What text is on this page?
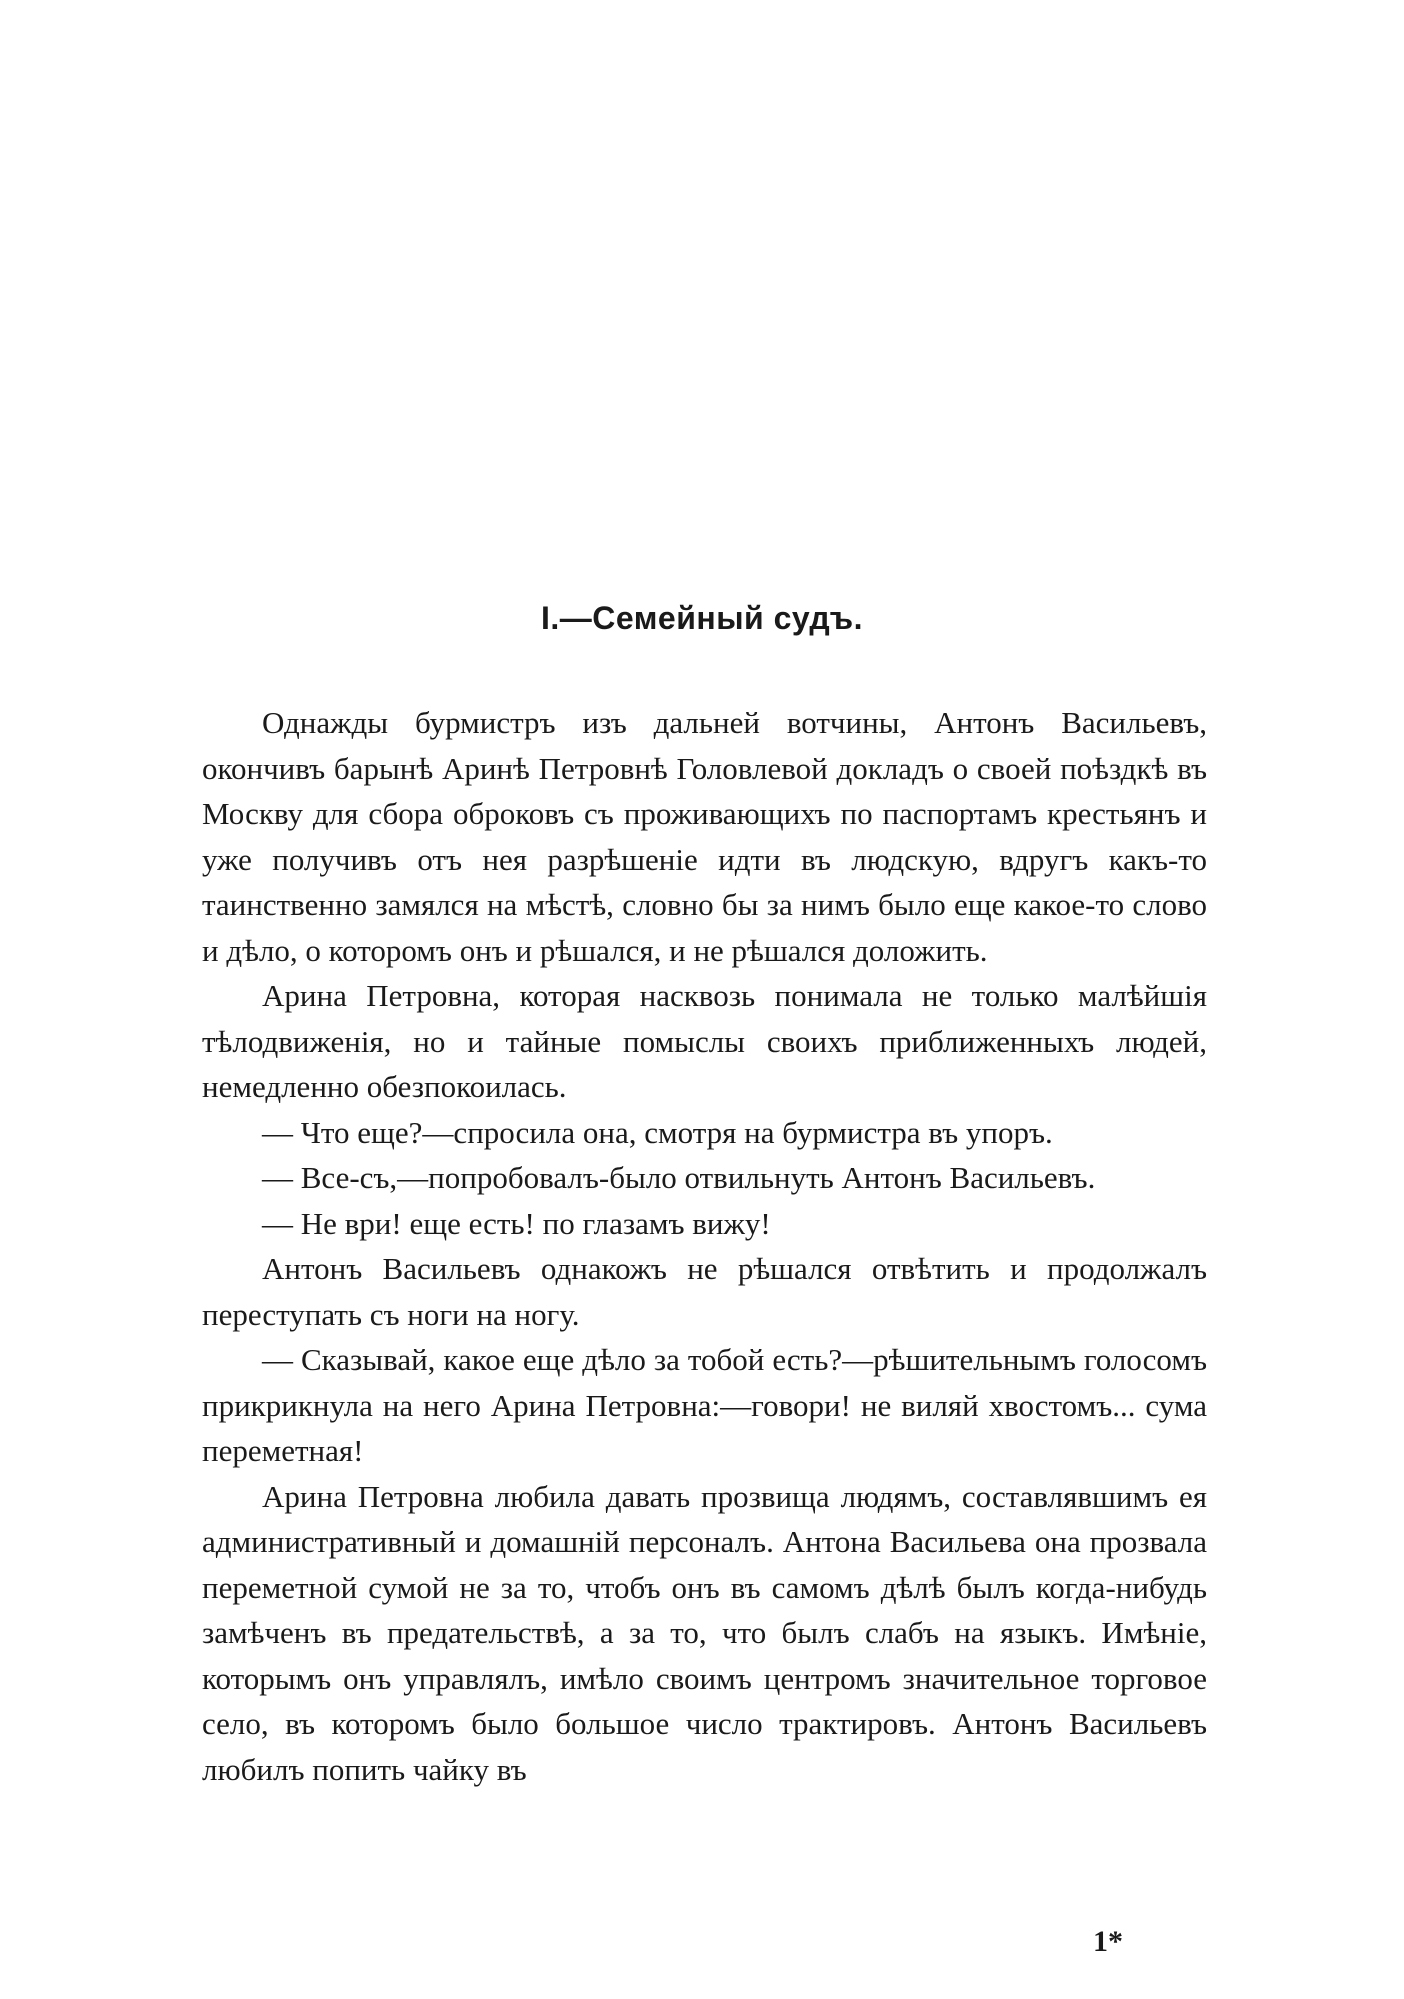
I.—Семейный судъ.

Однажды бурмистръ изъ дальней вотчины, Антонъ Васильевъ, окончивъ барынѣ Аринѣ Петровнѣ Головлевой докладъ о своей поѣздкѣ въ Москву для сбора оброковъ съ проживающихъ по паспортамъ крестьянъ и уже получивъ отъ нея разрѣшеніе идти въ людскую, вдругъ какъ-то таинственно замялся на мѣстѣ, словно бы за нимъ было еще какое-то слово и дѣло, о которомъ онъ и рѣшался, и не рѣшался доложить.

Арина Петровна, которая насквозь понимала не только малѣйшія тѣлодвиженія, но и тайные помыслы своихъ приближенныхъ людей, немедленно обезпокоилась.

— Что еще?—спросила она, смотря на бурмистра въ упоръ.

— Все-съ,—попробовалъ-было отвильнуть Антонъ Васильевъ.

— Не ври! еще есть! по глазамъ вижу!

Антонъ Васильевъ однакожъ не рѣшался отвѣтить и продолжалъ переступать съ ноги на ногу.

— Сказывай, какое еще дѣло за тобой есть?—рѣшительнымъ голосомъ прикрикнула на него Арина Петровна:—говори! не виляй хвостомъ... сума переметная!

Арина Петровна любила давать прозвища людямъ, составлявшимъ ея административный и домашній персоналъ. Антона Васильева она прозвала переметной сумой не за то, чтобъ онъ въ самомъ дѣлѣ былъ когда-нибудь замѣченъ въ предательствѣ, а за то, что былъ слабъ на языкъ. Имѣніе, которымъ онъ управлялъ, имѣло своимъ центромъ значительное торговое село, въ которомъ было большое число трактировъ. Антонъ Васильевъ любилъ попить чайку въ

1*
